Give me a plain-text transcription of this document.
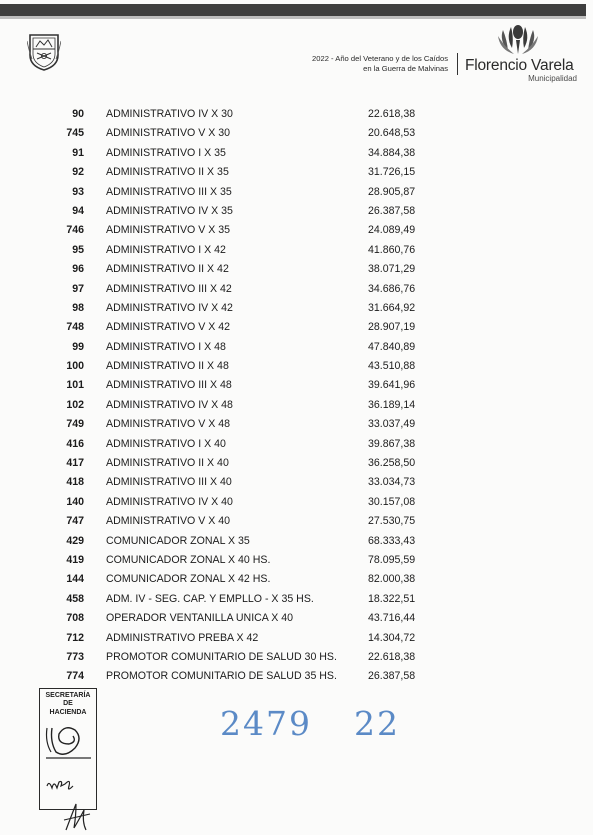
2022 - Año del Veterano y de los Caídos
en la Guerra de Malvinas Florencio Varela
Municipalidad
90 ADMINISTRATIVO IV X 30	22.618,38
745 ADMINISTRATIVO V X 30	20.648,53
91 ADMINISTRATIVO I X 35	34.884,38
92 ADMINISTRATIVO II X 35	31.726,15
93 ADMINISTRATIVO III X 35	28.905,87
94 ADMINISTRATIVO IV X 35	26.387,58
746 ADMINISTRATIVO V X 35	24.089,49
95 ADMINISTRATIVO I X 42	41.860,76
96 ADMINISTRATIVO II X 42	38.071,29
97 ADMINISTRATIVO III X 42	34.686,76
98 ADMINISTRATIVO IV X 42	31.664,92
748 ADMINISTRATIVO V X 42	28.907,19
99 ADMINISTRATIVO I X 48	47.840,89
100 ADMINISTRATIVO II X 48	43.510,88
101 ADMINISTRATIVO III X 48	39.641,96
102 ADMINISTRATIVO IV X 48	36.189,14
749 ADMINISTRATIVO V X 48	33.037,49
416 ADMINISTRATIVO I X 40	39.867,38
417 ADMINISTRATIVO II X 40	36.258,50
418 ADMINISTRATIVO III X 40	33.034,73
140 ADMINISTRATIVO IV X 40	30.157,08
747 ADMINISTRATIVO V X 40	27.530,75
429 COMUNICADOR ZONAL X 35	68.333,43
419 COMUNICADOR ZONAL X 40 HS.	78.095,59
144 COMUNICADOR ZONAL X 42 HS.	82.000,38
458 ADM. IV - SEG. CAP. Y EMPLLO - X 35 HS.	18.322,51
708 OPERADOR VENTANILLA UNICA X 40	43.716,44
712 ADMINISTRATIVO PREBA X 42	14.304,72
773 PROMOTOR COMUNITARIO DE SALUD 30 HS.	22.618,38
774 PROMOTOR COMUNITARIO DE SALUD 35 HS.	26.387,58
SECRETARÍA
DE
HACIENDA	2479 22
